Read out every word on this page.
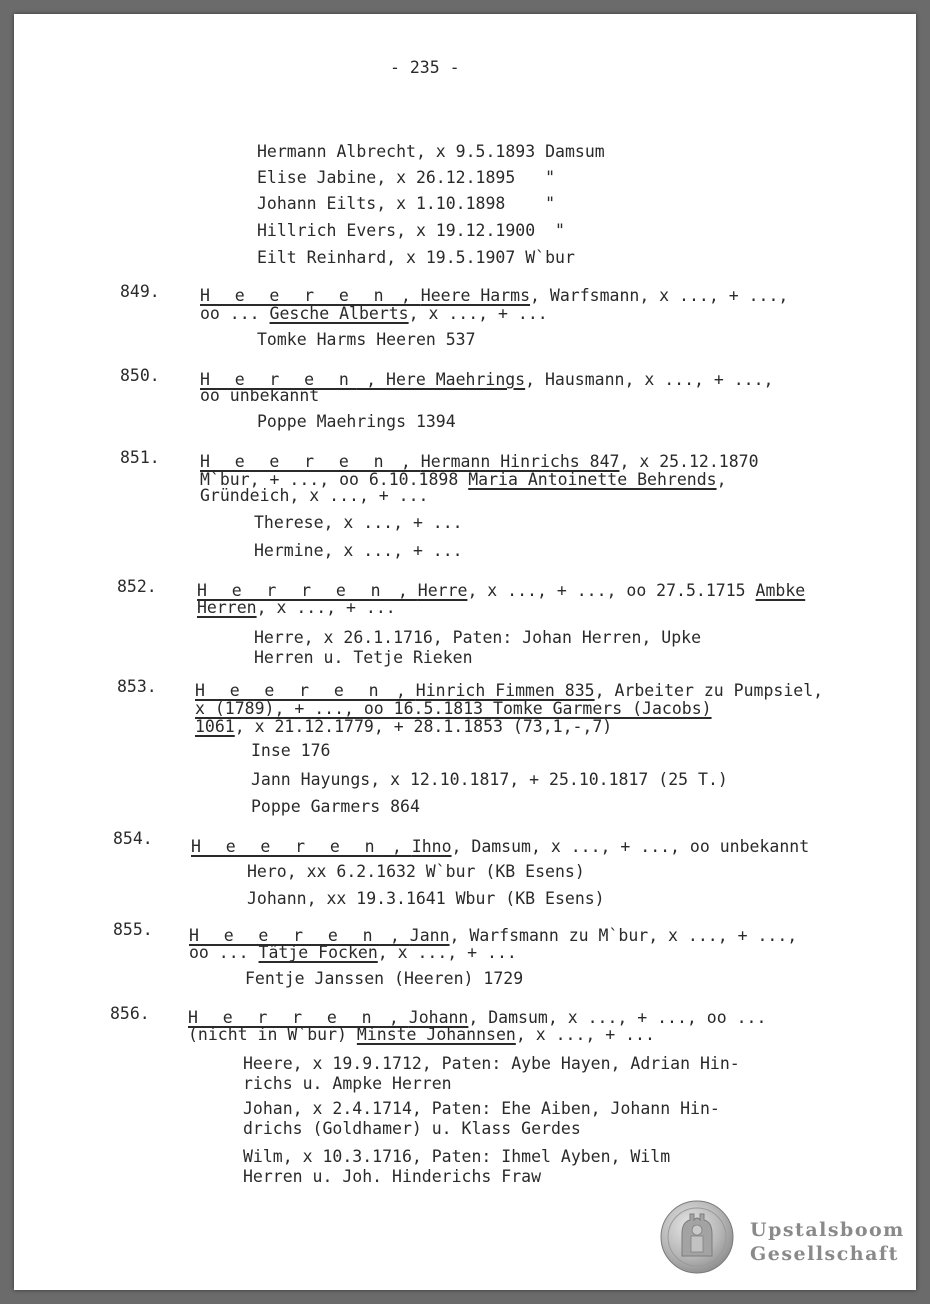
- 235 -
Hermann Albrecht, x 9.5.1893 Damsum
Elise Jabine, x 26.12.1895   "
Johann Eilts, x 1.10.1898    "
Hillrich Evers, x 19.12.1900  "
Eilt Reinhard, x 19.5.1907 W`bur
849. H e e r e n , Heere Harms, Warfsmann, x ..., + ...,
oo ... Gesche Alberts, x ..., + ...
Tomke Harms Heeren 537
850. H e r e n , Here Maehrings, Hausmann, x ..., + ...,
oo unbekannt
Poppe Maehrings 1394
851. H e e r e n , Hermann Hinrichs 847, x 25.12.1870
M`bur, + ..., oo 6.10.1898 Maria Antoinette Behrends,
Gründeich, x ..., + ...
Therese, x ..., + ...
Hermine, x ..., + ...
852. H e r r e n , Herre, x ..., + ..., oo 27.5.1715 Ambke
Herren, x ..., + ...
Herre, x 26.1.1716, Paten: Johan Herren, Upke
Herren u. Tetje Rieken
853. H e e r e n , Hinrich Fimmen 835, Arbeiter zu Pumpsiel,
x (1789), + ..., oo 16.5.1813 Tomke Garmers (Jacobs)
1061, x 21.12.1779, + 28.1.1853 (73,1,-,7)
Inse 176
Jann Hayungs, x 12.10.1817, + 25.10.1817 (25 T.)
Poppe Garmers 864
854. H e e r e n , Ihno, Damsum, x ..., + ..., oo unbekannt
Hero, xx 6.2.1632 W`bur (KB Esens)
Johann, xx 19.3.1641 Wbur (KB Esens)
855. H e e r e n , Jann, Warfsmann zu M`bur, x ..., + ...,
oo ... Tätje Focken, x ..., + ...
Fentje Janssen (Heeren) 1729
856. H e r r e n , Johann, Damsum, x ..., + ..., oo ...
(nicht in W`bur) Minste Johannsen, x ..., + ...
Heere, x 19.9.1712, Paten: Aybe Hayen, Adrian Hin-
richs u. Ampke Herren
Johan, x 2.4.1714, Paten: Ehe Aiben, Johann Hin-
drichs (Goldhamer) u. Klass Gerdes
Wilm, x 10.3.1716, Paten: Ihmel Ayben, Wilm
Herren u. Joh. Hinderichs Fraw
Upstalsboom
Gesellschaft
